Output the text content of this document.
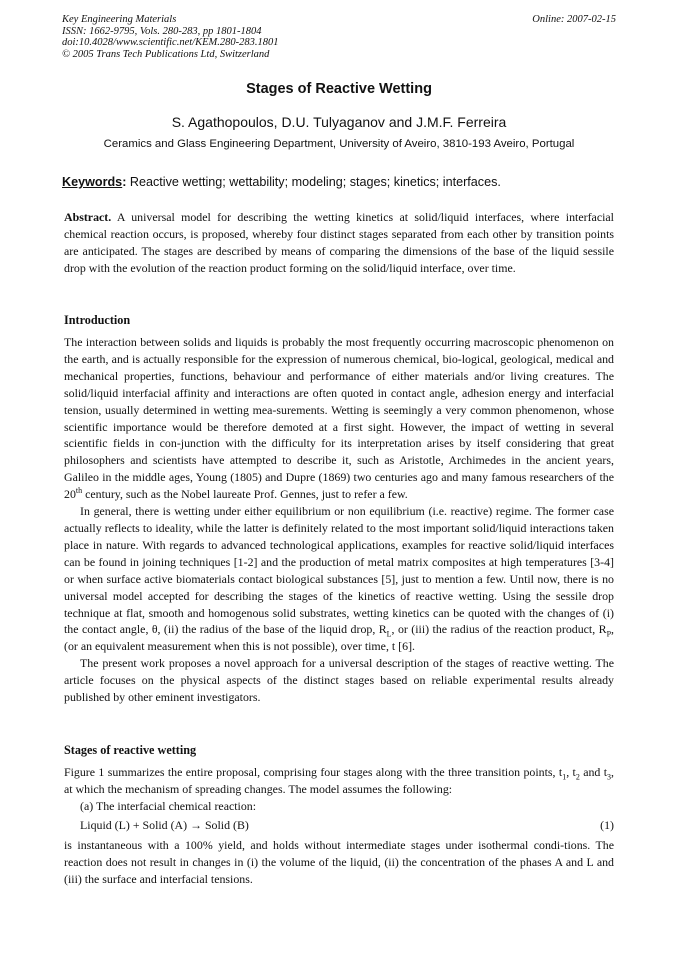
Key Engineering Materials
ISSN: 1662-9795, Vols. 280-283, pp 1801-1804
doi:10.4028/www.scientific.net/KEM.280-283.1801
© 2005 Trans Tech Publications Ltd, Switzerland
Online: 2007-02-15
Stages of Reactive Wetting
S. Agathopoulos, D.U. Tulyaganov and J.M.F. Ferreira
Ceramics and Glass Engineering Department, University of Aveiro, 3810-193 Aveiro, Portugal
Keywords: Reactive wetting; wettability; modeling; stages; kinetics; interfaces.

Abstract. A universal model for describing the wetting kinetics at solid/liquid interfaces, where interfacial chemical reaction occurs, is proposed, whereby four distinct stages separated from each other by transition points are anticipated. The stages are described by means of comparing the dimensions of the base of the liquid sessile drop with the evolution of the reaction product forming on the solid/liquid interface, over time.

Introduction

The interaction between solids and liquids is probably the most frequently occurring macroscopic phenomenon on the earth, and is actually responsible for the expression of numerous chemical, bio-logical, geological, medical and mechanical properties, functions, behaviour and performance of either materials and/or living creatures. The solid/liquid interfacial affinity and interactions are often quoted in contact angle, adhesion energy and interfacial tension, usually determined in wetting mea-surements. Wetting is seemingly a very common phenomenon, whose scientific importance would be therefore demoted at a first sight. However, the impact of wetting in several scientific fields in con-junction with the difficulty for its interpretation arises by itself considering that great philosophers and scientists have attempted to describe it, such as Aristotle, Archimedes in the ancient years, Galileo in the middle ages, Young (1805) and Dupre (1869) two centuries ago and many famous researchers of the 20th century, such as the Nobel laureate Prof. Gennes, just to refer a few.

In general, there is wetting under either equilibrium or non equilibrium (i.e. reactive) regime. The former case actually reflects to ideality, while the latter is definitely related to the most important solid/liquid interactions taken place in nature. With regards to advanced technological applications, examples for reactive solid/liquid interfaces can be found in joining techniques [1-2] and the production of metal matrix composites at high temperatures [3-4] or when surface active biomaterials contact biological substances [5], just to mention a few. Until now, there is no universal model accepted for describing the stages of the kinetics of reactive wetting. Using the sessile drop technique at flat, smooth and homogenous solid substrates, wetting kinetics can be quoted with the changes of (i) the contact angle, θ, (ii) the radius of the base of the liquid drop, $R_L$, or (iii) the radius of the reaction product, $R_P$, (or an equivalent measurement when this is not possible), over time, t [6].

The present work proposes a novel approach for a universal description of the stages of reactive wetting. The article focuses on the physical aspects of the distinct stages based on reliable experimental results already published by other eminent investigators.

Stages of reactive wetting

Figure 1 summarizes the entire proposal, comprising four stages along with the three transition points, $t_1$, $t_2$ and $t_3$, at which the mechanism of spreading changes. The model assumes the following:

(a) The interfacial chemical reaction:

Liquid (L) + Solid (A) → Solid (B)	(1)

is instantaneous with a 100% yield, and holds without intermediate stages under isothermal condi-tions. The reaction does not result in changes in (i) the volume of the liquid, (ii) the concentration of the phases A and L and (iii) the surface and interfacial tensions.
